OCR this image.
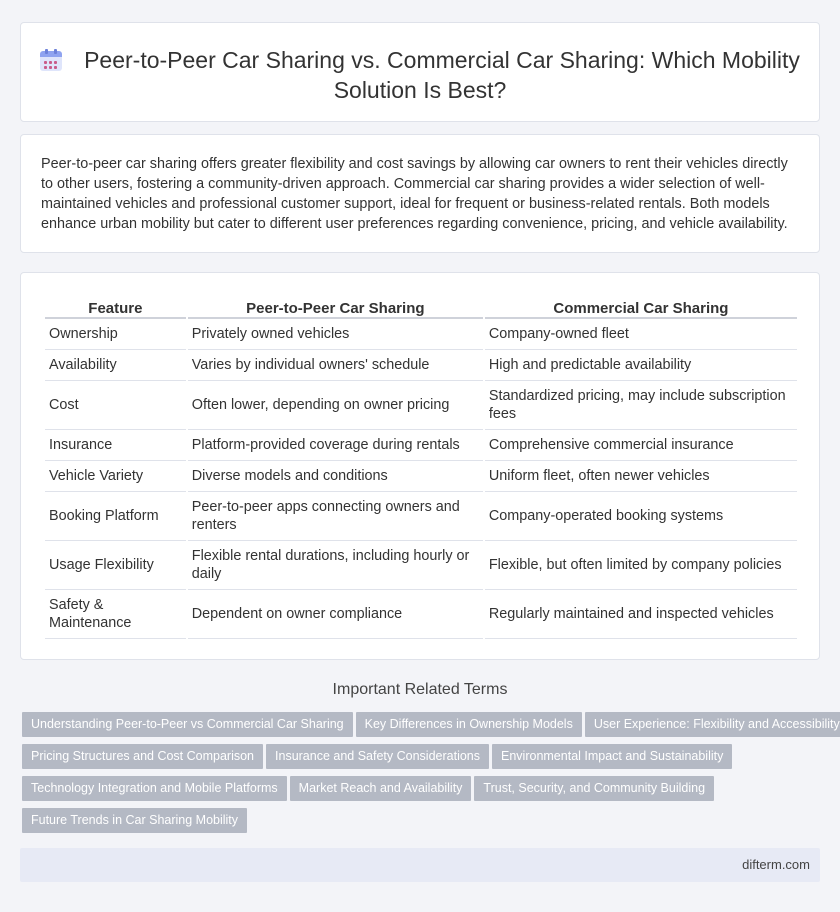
Peer-to-Peer Car Sharing vs. Commercial Car Sharing: Which Mobility Solution Is Best?

Peer-to-peer car sharing offers greater flexibility and cost savings by allowing car owners to rent their vehicles directly to other users, fostering a community-driven approach. Commercial car sharing provides a wider selection of well-maintained vehicles and professional customer support, ideal for frequent or business-related rentals. Both models enhance urban mobility but cater to different user preferences regarding convenience, pricing, and vehicle availability.

Feature	Peer-to-Peer Car Sharing	Commercial Car Sharing
Ownership	Privately owned vehicles	Company-owned fleet
Availability	Varies by individual owners' schedule	High and predictable availability
Cost	Often lower, depending on owner pricing	Standardized pricing, may include subscription fees
Insurance	Platform-provided coverage during rentals	Comprehensive commercial insurance
Vehicle Variety	Diverse models and conditions	Uniform fleet, often newer vehicles
Booking Platform	Peer-to-peer apps connecting owners and renters	Company-operated booking systems
Usage Flexibility	Flexible rental durations, including hourly or daily	Flexible, but often limited by company policies
Safety & Maintenance	Dependent on owner compliance	Regularly maintained and inspected vehicles
Important Related Terms
Understanding Peer-to-Peer vs Commercial Car Sharing Key Differences in Ownership Models User Experience: Flexibility and Accessibility
Pricing Structures and Cost Comparison Insurance and Safety Considerations Environmental Impact and Sustainability
Technology Integration and Mobile Platforms Market Reach and Availability Trust, Security, and Community Building
Future Trends in Car Sharing Mobility
difterm.com
